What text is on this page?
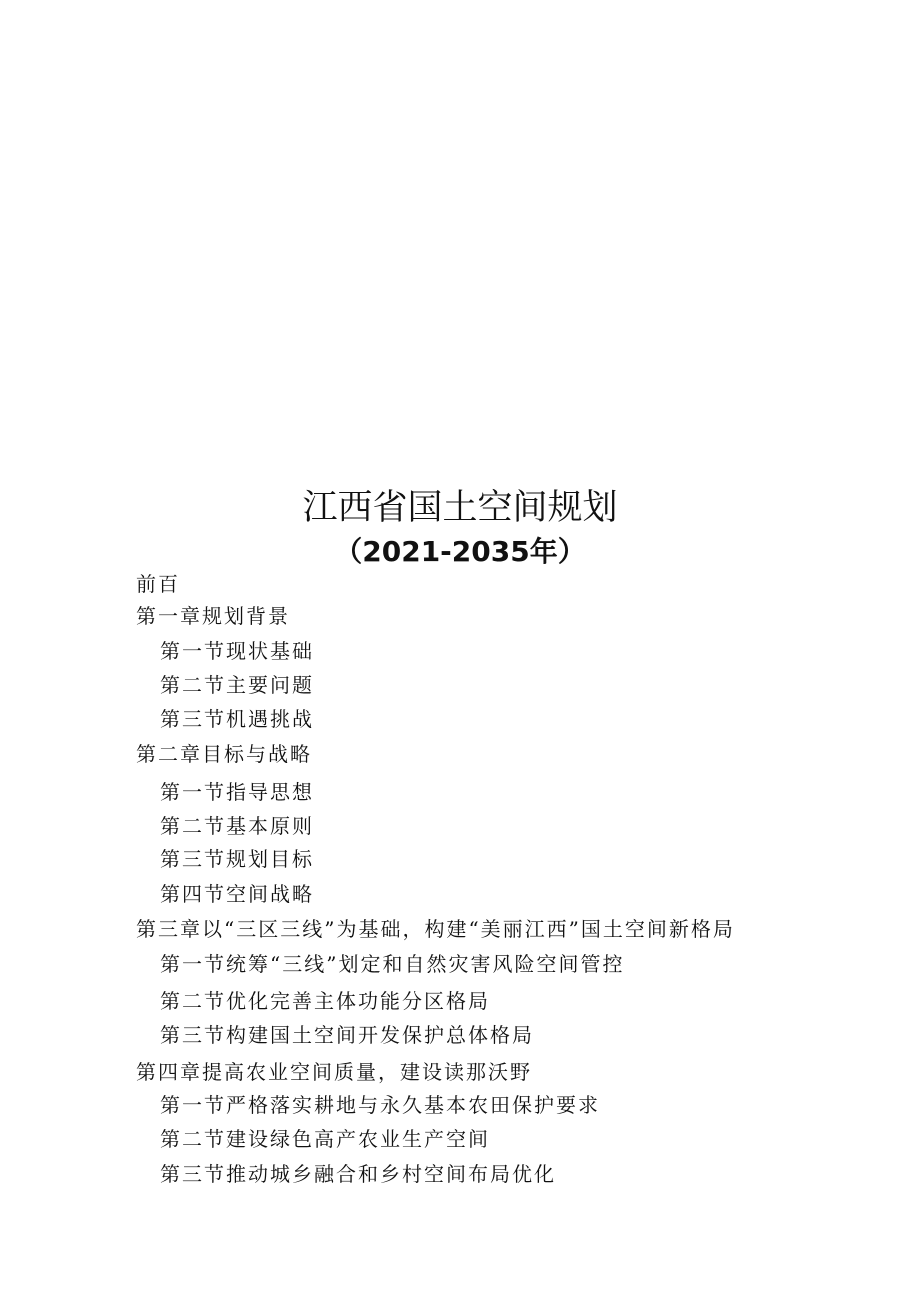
江西省国土空间规划
（2021-2035年）
前百
第一章规划背景
第一节现状基础
第二节主要问题
第三节机遇挑战
第二章目标与战略
第一节指导思想
第二节基本原则
第三节规划目标
第四节空间战略
第三章以“三区三线”为基础，构建“美丽江西”国土空间新格局
第一节统筹“三线”划定和自然灾害风险空间管控
第二节优化完善主体功能分区格局
第三节构建国土空间开发保护总体格局
第四章提高农业空间质量，建设读那沃野
第一节严格落实耕地与永久基本农田保护要求
第二节建设绿色高产农业生产空间
第三节推动城乡融合和乡村空间布局优化
